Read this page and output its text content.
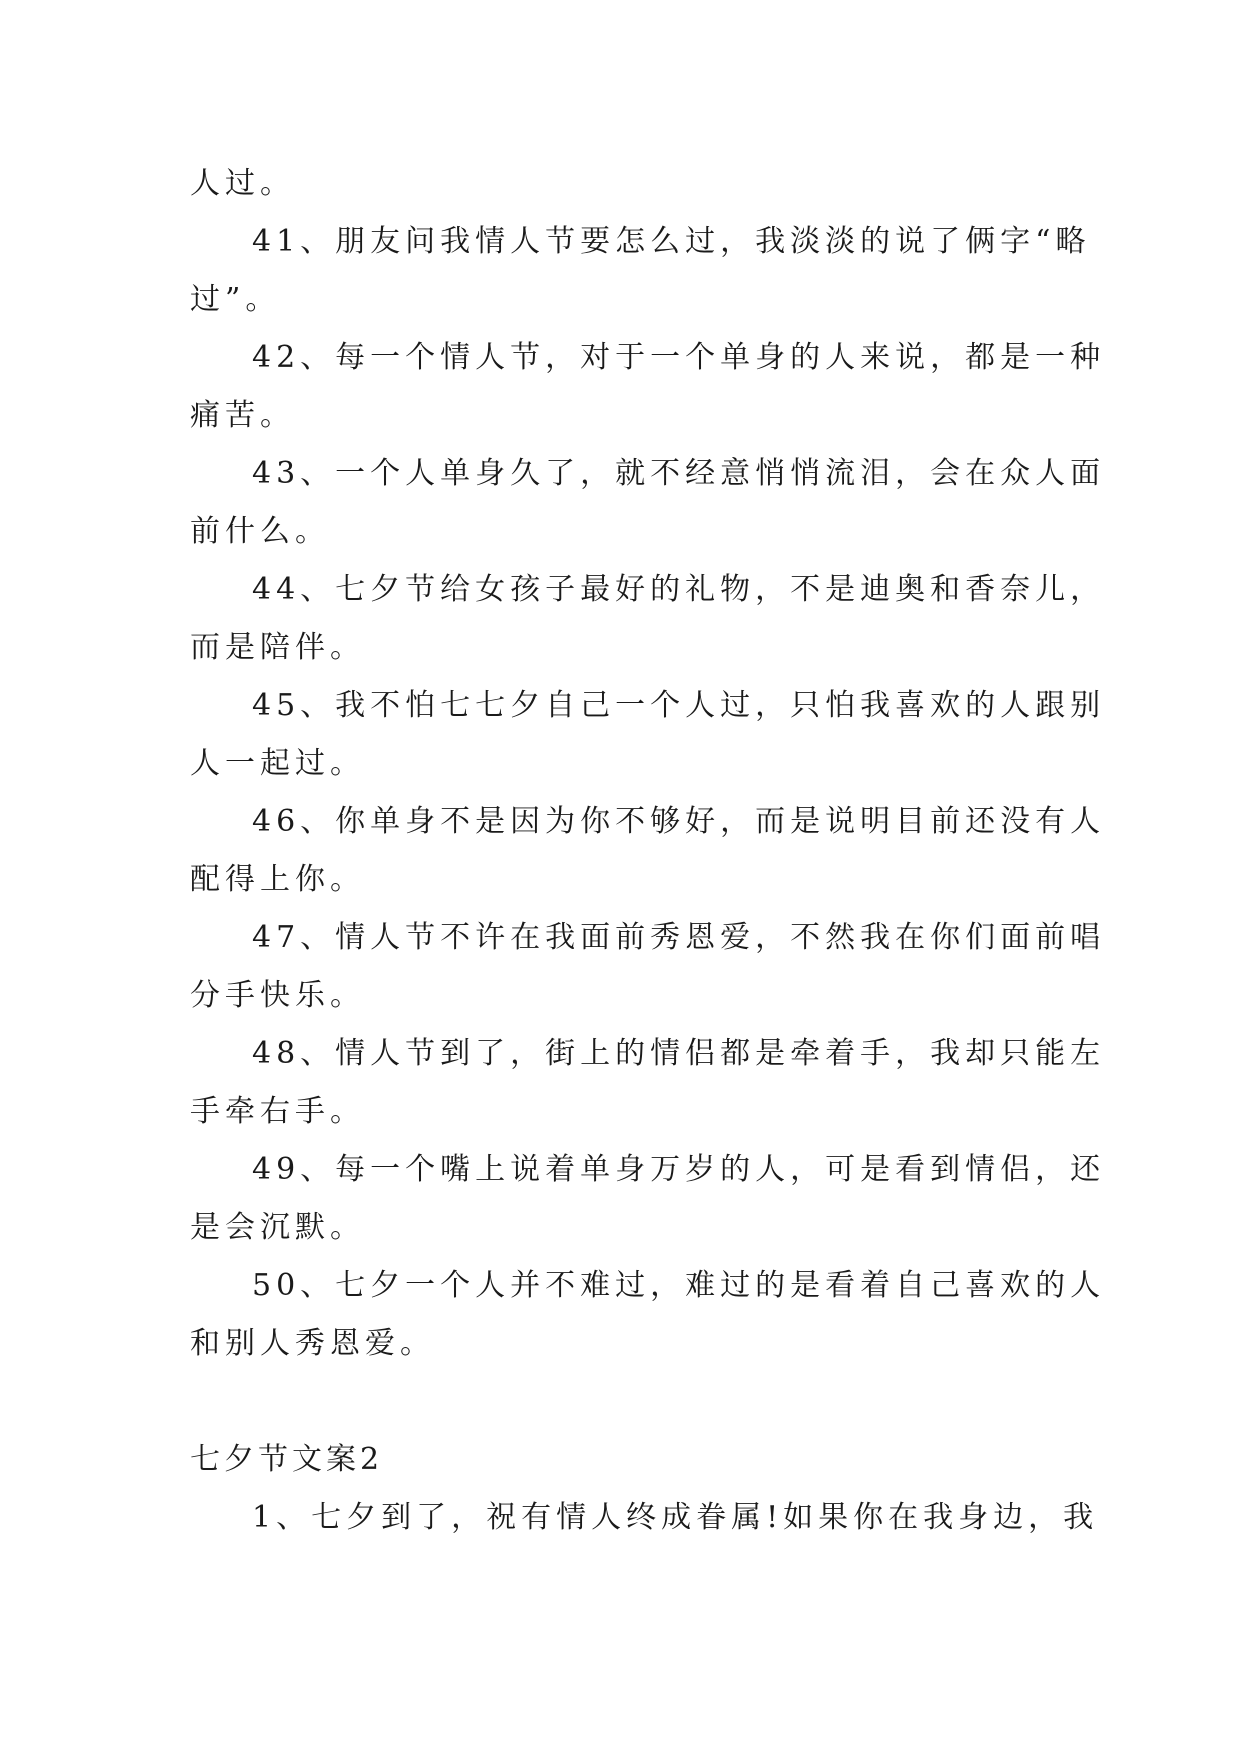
人过。
41、朋友问我情人节要怎么过，我淡淡的说了俩字“略
过”。
42、每一个情人节，对于一个单身的人来说，都是一种
痛苦。
43、一个人单身久了，就不经意悄悄流泪，会在众人面
前什么。
44、七夕节给女孩子最好的礼物，不是迪奥和香奈儿，
而是陪伴。
45、我不怕七七夕自己一个人过，只怕我喜欢的人跟别
人一起过。
46、你单身不是因为你不够好，而是说明目前还没有人
配得上你。
47、情人节不许在我面前秀恩爱，不然我在你们面前唱
分手快乐。
48、情人节到了，街上的情侣都是牵着手，我却只能左
手牵右手。
49、每一个嘴上说着单身万岁的人，可是看到情侣，还
是会沉默。
50、七夕一个人并不难过，难过的是看着自己喜欢的人
和别人秀恩爱。
七夕节文案2
1、七夕到了，祝有情人终成眷属!如果你在我身边，我
